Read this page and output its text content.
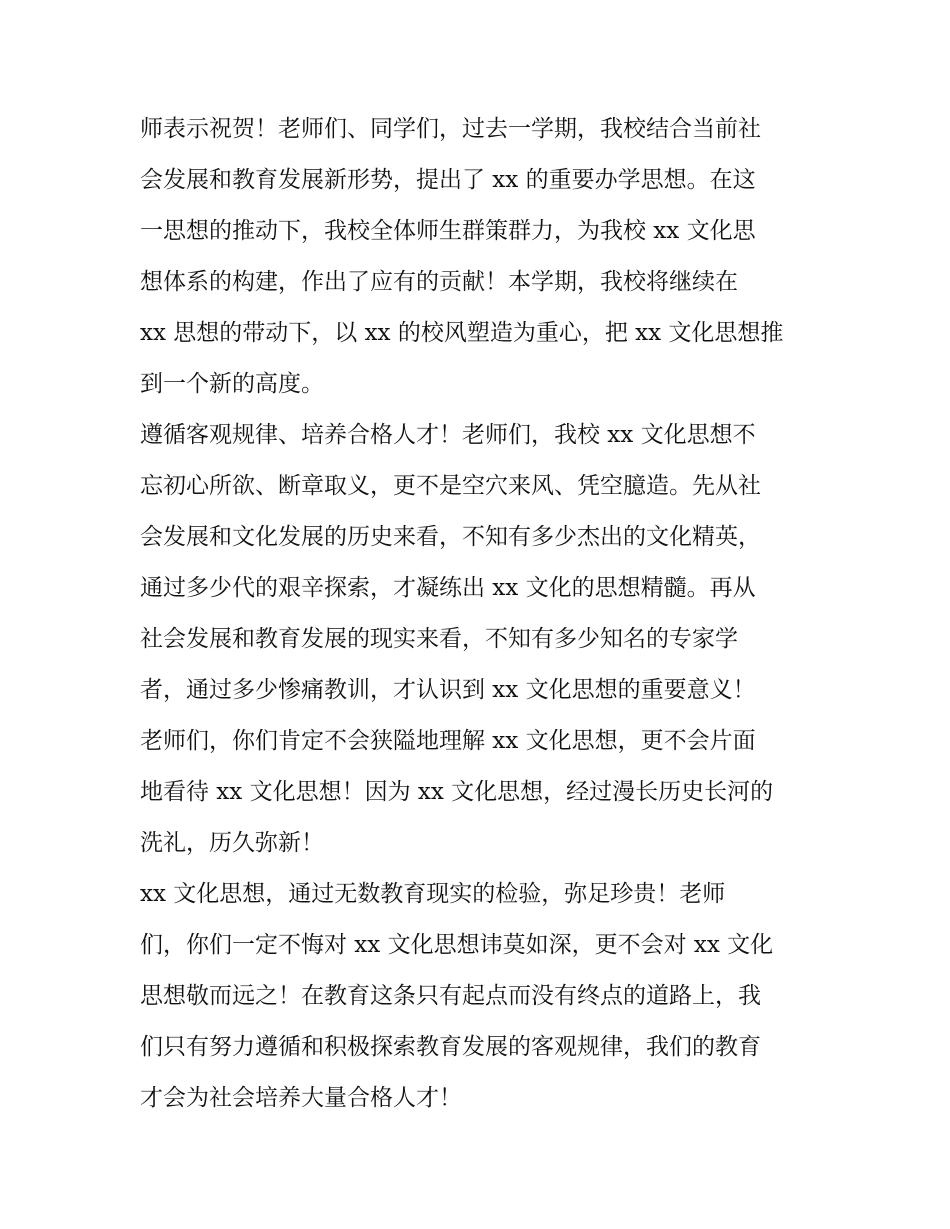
师表示祝贺！老师们、同学们，过去一学期，我校结合当前社
会发展和教育发展新形势，提出了 xx 的重要办学思想。在这
一思想的推动下，我校全体师生群策群力，为我校 xx 文化思
想体系的构建，作出了应有的贡献！本学期，我校将继续在
xx 思想的带动下，以 xx 的校风塑造为重心，把 xx 文化思想推
到一个新的高度。
遵循客观规律、培养合格人才！老师们，我校 xx 文化思想不
忘初心所欲、断章取义，更不是空穴来风、凭空臆造。先从社
会发展和文化发展的历史来看，不知有多少杰出的文化精英，
通过多少代的艰辛探索，才凝练出 xx 文化的思想精髓。再从
社会发展和教育发展的现实来看，不知有多少知名的专家学
者，通过多少惨痛教训，才认识到 xx 文化思想的重要意义！
老师们，你们肯定不会狭隘地理解 xx 文化思想，更不会片面
地看待 xx 文化思想！因为 xx 文化思想，经过漫长历史长河的
洗礼，历久弥新！
xx 文化思想，通过无数教育现实的检验，弥足珍贵！老师
们，你们一定不悔对 xx 文化思想讳莫如深，更不会对 xx 文化
思想敬而远之！在教育这条只有起点而没有终点的道路上，我
们只有努力遵循和积极探索教育发展的客观规律，我们的教育
才会为社会培养大量合格人才！
